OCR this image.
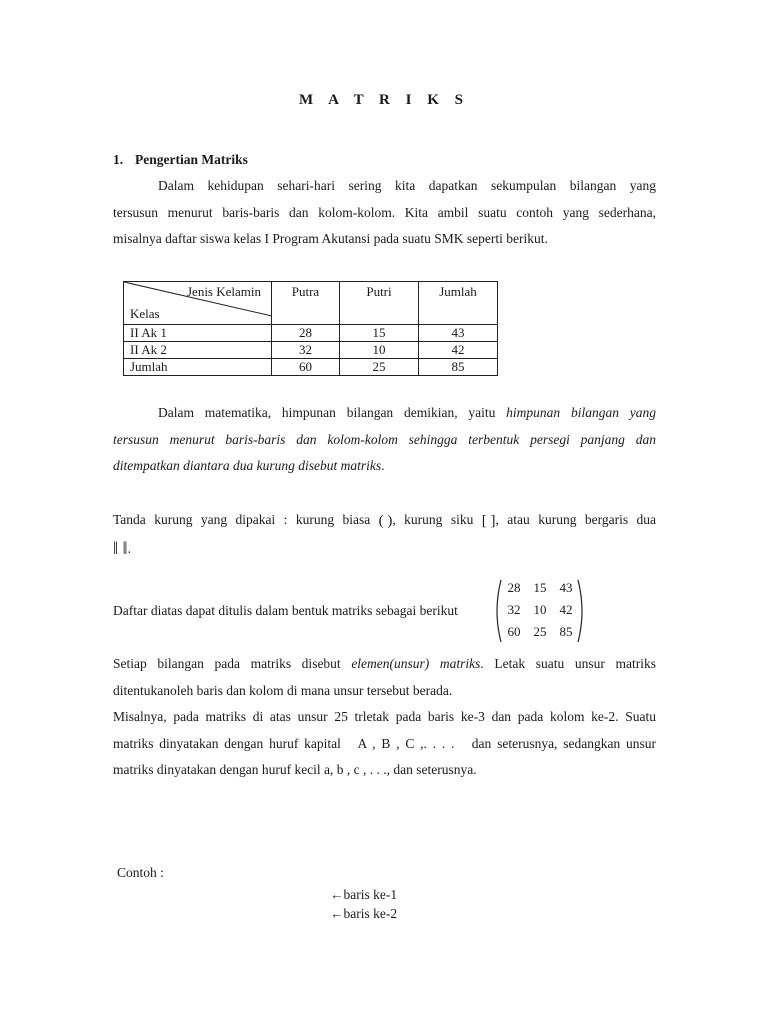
M A T R I K S
1. Pengertian Matriks
Dalam kehidupan sehari-hari sering kita dapatkan sekumpulan bilangan yang
tersusun menurut baris-baris dan kolom-kolom. Kita ambil suatu contoh yang sederhana,
misalnya daftar siswa kelas I Program Akutansi pada suatu SMK seperti berikut.
Jenis Kelamin
Kelas	Putra	Putri	Jumlah
II Ak 1	28	15	43
II Ak 2	32	10	42
Jumlah	60	25	85
Dalam matematika, himpunan bilangan demikian, yaitu himpunan bilangan yang
tersusun menurut baris-baris dan kolom-kolom sehingga terbentuk persegi panjang dan
ditempatkan diantara dua kurung disebut matriks.
Tanda kurung yang dipakai : kurung biasa ( ), kurung siku [ ], atau kurung bergaris dua
‖ ‖.
Daftar diatas dapat ditulis dalam bentuk matriks sebagai berikut
28	15	43
32	10	42
60	25	85
Setiap bilangan pada matriks disebut elemen(unsur) matriks. Letak suatu unsur matriks
ditentukanoleh baris dan kolom di mana unsur tersebut berada.
Misalnya, pada matriks di atas unsur 25 trletak pada baris ke-3 dan pada kolom ke-2. Suatu
matriks dinyatakan dengan huruf kapital   A , B , C ,. . . .   dan seterusnya, sedangkan unsur
matriks dinyatakan dengan huruf kecil a, b , c , . . ., dan seterusnya.
Contoh :
←baris ke-1
←baris ke-2
